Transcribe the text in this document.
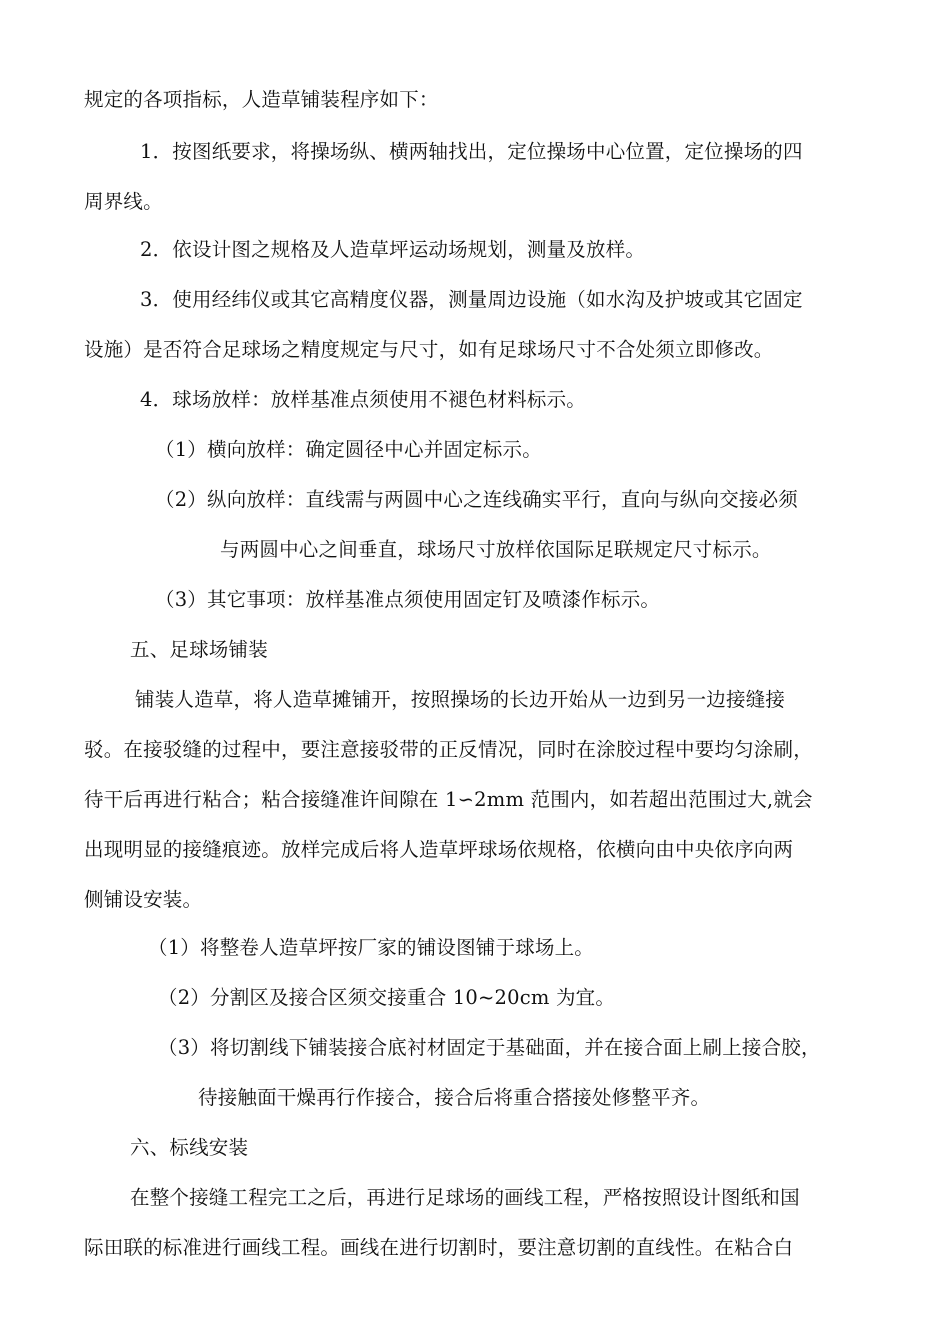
规定的各项指标，人造草铺装程序如下：
1．按图纸要求，将操场纵、横两轴找出，定位操场中心位置，定位操场的四
周界线。
2．依设计图之规格及人造草坪运动场规划，测量及放样。
3．使用经纬仪或其它高精度仪器，测量周边设施（如水沟及护坡或其它固定
设施）是否符合足球场之精度规定与尺寸，如有足球场尺寸不合处须立即修改。
4．球场放样：放样基准点须使用不褪色材料标示。
（1）横向放样：确定圆径中心并固定标示。
（2）纵向放样：直线需与两圆中心之连线确实平行，直向与纵向交接必须
与两圆中心之间垂直，球场尺寸放样依国际足联规定尺寸标示。
（3）其它事项：放样基准点须使用固定钉及喷漆作标示。
五、足球场铺装
铺装人造草，将人造草摊铺开，按照操场的长边开始从一边到另一边接缝接
驳。在接驳缝的过程中，要注意接驳带的正反情况，同时在涂胶过程中要均匀涂刷，
待干后再进行粘合；粘合接缝准许间隙在 1∽2mm 范围内，如若超出范围过大,就会
出现明显的接缝痕迹。放样完成后将人造草坪球场依规格，依横向由中央依序向两
侧铺设安装。
（1）将整卷人造草坪按厂家的铺设图铺于球场上。
（2）分割区及接合区须交接重合 10~20cm 为宜。
（3）将切割线下铺装接合底衬材固定于基础面，并在接合面上刷上接合胶，
待接触面干燥再行作接合，接合后将重合搭接处修整平齐。
六、标线安装
在整个接缝工程完工之后，再进行足球场的画线工程，严格按照设计图纸和国
际田联的标准进行画线工程。画线在进行切割时，要注意切割的直线性。在粘合白
